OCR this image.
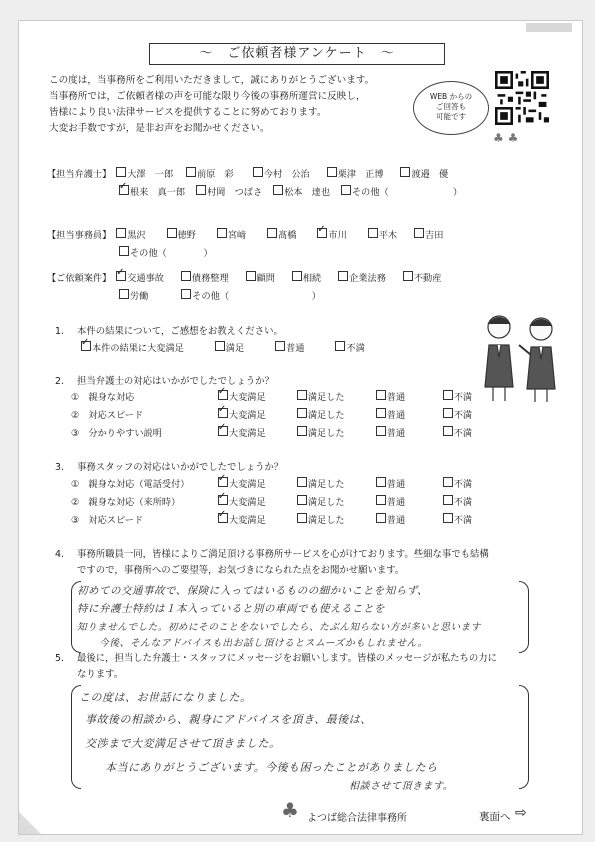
〜　ご依頼者様アンケート　〜

この度は，当事務所をご利用いただきまして，誠にありがとうございます。

当事務所では，ご依頼者様の声を可能な限り今後の事務所運営に反映し，

皆様により良い法律サービスを提供することに努めております。

大変お手数ですが，是非お声をお聞かせください。

WEB からの
ご回答も
可能です
♣ ♣
【担当弁護士】 大澤　一郎	前原　彩	今村　公治	栗津　正博	渡邉　優
根来　真一郎 ✓ 村岡　つばさ 松本　達也 その他（　　　　　　　）
【担当事務員】 黒沢	徳野	宮﨑	髙橋	市川 ✓	平木	吉田
その他（　　　　）
【ご依頼案件】 交通事故 ✓	債務整理	顧問	相続	企業法務	不動産
労働	その他（　　　　　　　　　）
1. 本件の結果について，ご感想をお教えください。
本件の結果に大変満足 ✓	満足	普通	不満
2. 担当弁護士の対応はいかがでしたでしょうか？
①　親身な対応	大変満足 ✓	満足した	普通	不満
②　対応スピード	大変満足 ✓	満足した	普通	不満
③　分かりやすい説明	大変満足 ✓	満足した	普通	不満
3. 事務スタッフの対応はいかがでしたでしょうか？
①　親身な対応（電話受付）	大変満足 ✓	満足した	普通	不満
②　親身な対応（来所時）	大変満足 ✓	満足した	普通	不満
③　対応スピード	大変満足 ✓	満足した	普通	不満
4. 事務所職員一同，皆様によりご満足頂ける事務所サービスを心がけております。些細な事でも結構
ですので，事務所へのご要望等，お気づきになられた点をお聞かせ願います。
初めての交通事故で、保険に入ってはいるものの細かいことを知らず、
特に弁護士特約は１本入っていると別の車両でも使えることを
知りませんでした。初めにそのことをないでしたら、たぶん知らない方が多いと思います
今後、そんなアドバイスも出お話し頂けるとスムーズかもしれません。
5. 最後に，担当した弁護士・スタッフにメッセージをお願いします。皆様のメッセージが私たちの力に
なります。
この度は、お世話になりました。
事故後の相談から、親身にアドバイスを頂き、最後は、
交渉まで大変満足させて頂きました。
本当にありがとうございます。今後も困ったことがありましたら
相談させて頂きます。
♣ よつば総合法律事務所	裏面へ ⇨
